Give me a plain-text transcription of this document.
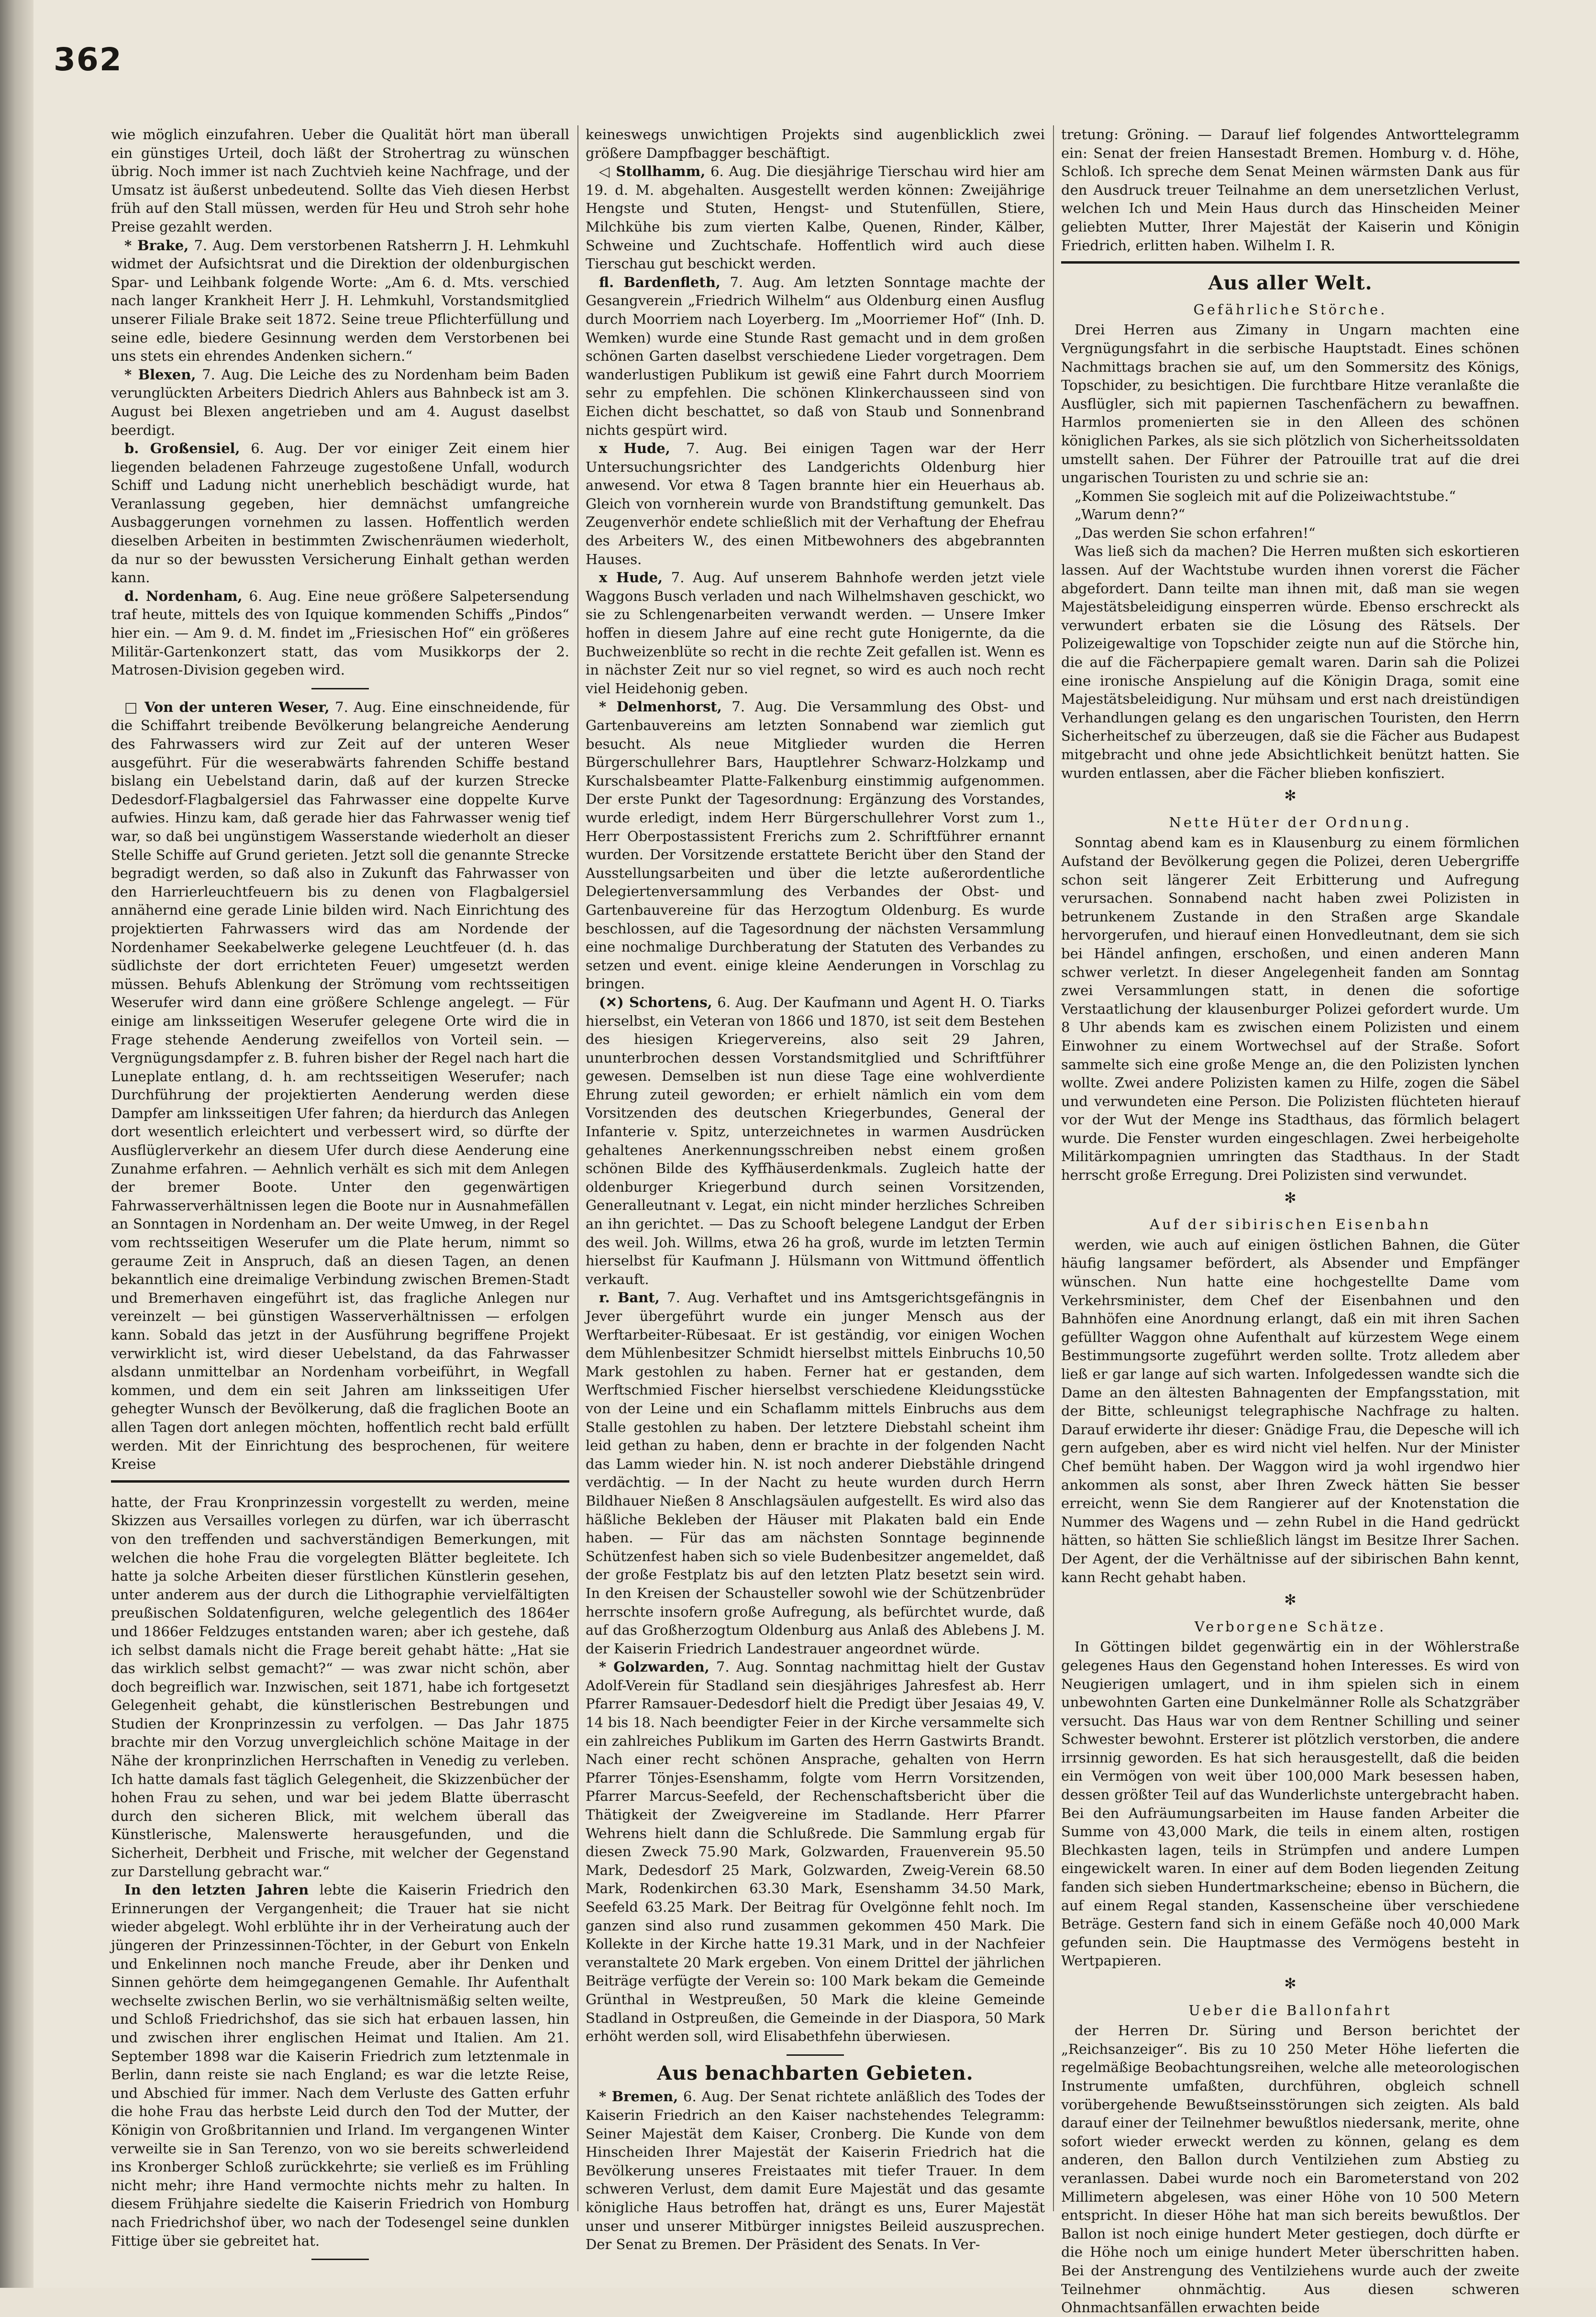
362

wie möglich einzufahren. Ueber die Qualität hört man überall ein günstiges Urteil, doch läßt der Strohertrag zu wünschen übrig. Noch immer ist nach Zuchtvieh keine Nachfrage, und der Umsatz ist äußerst unbedeutend. Sollte das Vieh diesen Herbst früh auf den Stall müssen, werden für Heu und Stroh sehr hohe Preise gezahlt werden.

* Brake, 7. Aug. Dem verstorbenen Ratsherrn J. H. Lehmkuhl widmet der Aufsichtsrat und die Direktion der oldenburgischen Spar- und Leihbank folgende Worte: „Am 6. d. Mts. verschied nach langer Krankheit Herr J. H. Lehmkuhl, Vorstandsmitglied unserer Filiale Brake seit 1872. Seine treue Pflichterfüllung und seine edle, biedere Gesinnung werden dem Verstorbenen bei uns stets ein ehrendes Andenken sichern.“

* Blexen, 7. Aug. Die Leiche des zu Nordenham beim Baden verunglückten Arbeiters Diedrich Ahlers aus Bahnbeck ist am 3. August bei Blexen angetrieben und am 4. August daselbst beerdigt.

b. Großensiel, 6. Aug. Der vor einiger Zeit einem hier liegenden beladenen Fahrzeuge zugestoßene Unfall, wodurch Schiff und Ladung nicht unerheblich beschädigt wurde, hat Veranlassung gegeben, hier demnächst umfangreiche Ausbaggerungen vornehmen zu lassen. Hoffentlich werden dieselben Arbeiten in bestimmten Zwischenräumen wiederholt, da nur so der bewussten Versicherung Einhalt gethan werden kann.

d. Nordenham, 6. Aug. Eine neue größere Salpetersendung traf heute, mittels des von Iquique kommenden Schiffs „Pindos“ hier ein. — Am 9. d. M. findet im „Friesischen Hof“ ein größeres Militär-Gartenkonzert statt, das vom Musikkorps der 2. Matrosen-Division gegeben wird.

□ Von der unteren Weser, 7. Aug. Eine einschneidende, für die Schiffahrt treibende Bevölkerung belangreiche Aenderung des Fahrwassers wird zur Zeit auf der unteren Weser ausgeführt. Für die weserabwärts fahrenden Schiffe bestand bislang ein Uebelstand darin, daß auf der kurzen Strecke Dedesdorf-Flagbalgersiel das Fahrwasser eine doppelte Kurve aufwies. Hinzu kam, daß gerade hier das Fahrwasser wenig tief war, so daß bei ungünstigem Wasserstande wiederholt an dieser Stelle Schiffe auf Grund gerieten. Jetzt soll die genannte Strecke begradigt werden, so daß also in Zukunft das Fahrwasser von den Harrierleuchtfeuern bis zu denen von Flagbalgersiel annähernd eine gerade Linie bilden wird. Nach Einrichtung des projektierten Fahrwassers wird das am Nordende der Nordenhamer Seekabelwerke gelegene Leuchtfeuer (d. h. das südlichste der dort errichteten Feuer) umgesetzt werden müssen. Behufs Ablenkung der Strömung vom rechtsseitigen Weserufer wird dann eine größere Schlenge angelegt. — Für einige am linksseitigen Weserufer gelegene Orte wird die in Frage stehende Aenderung zweifellos von Vorteil sein. — Vergnügungsdampfer z. B. fuhren bisher der Regel nach hart die Luneplate entlang, d. h. am rechtsseitigen Weserufer; nach Durchführung der projektierten Aenderung werden diese Dampfer am linksseitigen Ufer fahren; da hierdurch das Anlegen dort wesentlich erleichtert und verbessert wird, so dürfte der Ausflüglerverkehr an diesem Ufer durch diese Aenderung eine Zunahme erfahren. — Aehnlich verhält es sich mit dem Anlegen der bremer Boote. Unter den gegenwärtigen Fahrwasserverhältnissen legen die Boote nur in Ausnahmefällen an Sonntagen in Nordenham an. Der weite Umweg, in der Regel vom rechtsseitigen Weserufer um die Plate herum, nimmt so geraume Zeit in Anspruch, daß an diesen Tagen, an denen bekanntlich eine dreimalige Verbindung zwischen Bremen-Stadt und Bremerhaven eingeführt ist, das fragliche Anlegen nur vereinzelt — bei günstigen Wasserverhältnissen — erfolgen kann. Sobald das jetzt in der Ausführung begriffene Projekt verwirklicht ist, wird dieser Uebelstand, da das Fahrwasser alsdann unmittelbar an Nordenham vorbeiführt, in Wegfall kommen, und dem ein seit Jahren am linksseitigen Ufer gehegter Wunsch der Bevölkerung, daß die fraglichen Boote an allen Tagen dort anlegen möchten, hoffentlich recht bald erfüllt werden. Mit der Einrichtung des besprochenen, für weitere Kreise

hatte, der Frau Kronprinzessin vorgestellt zu werden, meine Skizzen aus Versailles vorlegen zu dürfen, war ich überrascht von den treffenden und sachverständigen Bemerkungen, mit welchen die hohe Frau die vorgelegten Blätter begleitete. Ich hatte ja solche Arbeiten dieser fürstlichen Künstlerin gesehen, unter anderem aus der durch die Lithographie vervielfältigten preußischen Soldatenfiguren, welche gelegentlich des 1864er und 1866er Feldzuges entstanden waren; aber ich gestehe, daß ich selbst damals nicht die Frage bereit gehabt hätte: „Hat sie das wirklich selbst gemacht?“ — was zwar nicht schön, aber doch begreiflich war. Inzwischen, seit 1871, habe ich fortgesetzt Gelegenheit gehabt, die künstlerischen Bestrebungen und Studien der Kronprinzessin zu verfolgen. — Das Jahr 1875 brachte mir den Vorzug unvergleichlich schöne Maitage in der Nähe der kronprinzlichen Herrschaften in Venedig zu verleben. Ich hatte damals fast täglich Gelegenheit, die Skizzenbücher der hohen Frau zu sehen, und war bei jedem Blatte überrascht durch den sicheren Blick, mit welchem überall das Künstlerische, Malenswerte herausgefunden, und die Sicherheit, Derbheit und Frische, mit welcher der Gegenstand zur Darstellung gebracht war.“

In den letzten Jahren lebte die Kaiserin Friedrich den Erinnerungen der Vergangenheit; die Trauer hat sie nicht wieder abgelegt. Wohl erblühte ihr in der Verheiratung auch der jüngeren der Prinzessinnen-Töchter, in der Geburt von Enkeln und Enkelinnen noch manche Freude, aber ihr Denken und Sinnen gehörte dem heimgegangenen Gemahle. Ihr Aufenthalt wechselte zwischen Berlin, wo sie verhältnismäßig selten weilte, und Schloß Friedrichshof, das sie sich hat erbauen lassen, hin und zwischen ihrer englischen Heimat und Italien. Am 21. September 1898 war die Kaiserin Friedrich zum letztenmale in Berlin, dann reiste sie nach England; es war die letzte Reise, und Abschied für immer. Nach dem Verluste des Gatten erfuhr die hohe Frau das herbste Leid durch den Tod der Mutter, der Königin von Großbritannien und Irland. Im vergangenen Winter verweilte sie in San Terenzo, von wo sie bereits schwerleidend ins Kronberger Schloß zurückkehrte; sie verließ es im Frühling nicht mehr; ihre Hand vermochte nichts mehr zu halten. In diesem Frühjahre siedelte die Kaiserin Friedrich von Homburg nach Friedrichshof über, wo nach der Todesengel seine dunklen Fittige über sie gebreitet hat.

keineswegs unwichtigen Projekts sind augenblicklich zwei größere Dampfbagger beschäftigt.

◁ Stollhamm, 6. Aug. Die diesjährige Tierschau wird hier am 19. d. M. abgehalten. Ausgestellt werden können: Zweijährige Hengste und Stuten, Hengst- und Stutenfüllen, Stiere, Milchkühe bis zum vierten Kalbe, Quenen, Rinder, Kälber, Schweine und Zuchtschafe. Hoffentlich wird auch diese Tierschau gut beschickt werden.

fl. Bardenfleth, 7. Aug. Am letzten Sonntage machte der Gesangverein „Friedrich Wilhelm“ aus Oldenburg einen Ausflug durch Moorriem nach Loyerberg. Im „Moorriemer Hof“ (Inh. D. Wemken) wurde eine Stunde Rast gemacht und in dem großen schönen Garten daselbst verschiedene Lieder vorgetragen. Dem wanderlustigen Publikum ist gewiß eine Fahrt durch Moorriem sehr zu empfehlen. Die schönen Klinkerchausseen sind von Eichen dicht beschattet, so daß von Staub und Sonnenbrand nichts gespürt wird.

x Hude, 7. Aug. Bei einigen Tagen war der Herr Untersuchungsrichter des Landgerichts Oldenburg hier anwesend. Vor etwa 8 Tagen brannte hier ein Heuerhaus ab. Gleich von vornherein wurde von Brandstiftung gemunkelt. Das Zeugenverhör endete schließlich mit der Verhaftung der Ehefrau des Arbeiters W., des einen Mitbewohners des abgebrannten Hauses.

x Hude, 7. Aug. Auf unserem Bahnhofe werden jetzt viele Waggons Busch verladen und nach Wilhelmshaven geschickt, wo sie zu Schlengenarbeiten verwandt werden. — Unsere Imker hoffen in diesem Jahre auf eine recht gute Honigernte, da die Buchweizenblüte so recht in die rechte Zeit gefallen ist. Wenn es in nächster Zeit nur so viel regnet, so wird es auch noch recht viel Heidehonig geben.

* Delmenhorst, 7. Aug. Die Versammlung des Obst- und Gartenbauvereins am letzten Sonnabend war ziemlich gut besucht. Als neue Mitglieder wurden die Herren Bürgerschullehrer Bars, Hauptlehrer Schwarz-Holzkamp und Kurschalsbeamter Platte-Falkenburg einstimmig aufgenommen. Der erste Punkt der Tagesordnung: Ergänzung des Vorstandes, wurde erledigt, indem Herr Bürgerschullehrer Vorst zum 1., Herr Oberpostassistent Frerichs zum 2. Schriftführer ernannt wurden. Der Vorsitzende erstattete Bericht über den Stand der Ausstellungsarbeiten und über die letzte außerordentliche Delegiertenversammlung des Verbandes der Obst- und Gartenbauvereine für das Herzogtum Oldenburg. Es wurde beschlossen, auf die Tagesordnung der nächsten Versammlung eine nochmalige Durchberatung der Statuten des Verbandes zu setzen und event. einige kleine Aenderungen in Vorschlag zu bringen.

(✕) Schortens, 6. Aug. Der Kaufmann und Agent H. O. Tiarks hierselbst, ein Veteran von 1866 und 1870, ist seit dem Bestehen des hiesigen Kriegervereins, also seit 29 Jahren, ununterbrochen dessen Vorstandsmitglied und Schriftführer gewesen. Demselben ist nun diese Tage eine wohlverdiente Ehrung zuteil geworden; er erhielt nämlich ein vom dem Vorsitzenden des deutschen Kriegerbundes, General der Infanterie v. Spitz, unterzeichnetes in warmen Ausdrücken gehaltenes Anerkennungsschreiben nebst einem großen schönen Bilde des Kyffhäuserdenkmals. Zugleich hatte der oldenburger Kriegerbund durch seinen Vorsitzenden, Generalleutnant v. Legat, ein nicht minder herzliches Schreiben an ihn gerichtet. — Das zu Schooft belegene Landgut der Erben des weil. Joh. Willms, etwa 26 ha groß, wurde im letzten Termin hierselbst für Kaufmann J. Hülsmann von Wittmund öffentlich verkauft.

r. Bant, 7. Aug. Verhaftet und ins Amtsgerichtsgefängnis in Jever übergeführt wurde ein junger Mensch aus der Werftarbeiter-Rübesaat. Er ist geständig, vor einigen Wochen dem Mühlenbesitzer Schmidt hierselbst mittels Einbruchs 10,50 Mark gestohlen zu haben. Ferner hat er gestanden, dem Werftschmied Fischer hierselbst verschiedene Kleidungsstücke von der Leine und ein Schaflamm mittels Einbruchs aus dem Stalle gestohlen zu haben. Der letztere Diebstahl scheint ihm leid gethan zu haben, denn er brachte in der folgenden Nacht das Lamm wieder hin. N. ist noch anderer Diebstähle dringend verdächtig. — In der Nacht zu heute wurden durch Herrn Bildhauer Nießen 8 Anschlagsäulen aufgestellt. Es wird also das häßliche Bekleben der Häuser mit Plakaten bald ein Ende haben. — Für das am nächsten Sonntage beginnende Schützenfest haben sich so viele Budenbesitzer angemeldet, daß der große Festplatz bis auf den letzten Platz besetzt sein wird. In den Kreisen der Schausteller sowohl wie der Schützenbrüder herrschte insofern große Aufregung, als befürchtet wurde, daß auf das Großherzogtum Oldenburg aus Anlaß des Ablebens J. M. der Kaiserin Friedrich Landestrauer angeordnet würde.

* Golzwarden, 7. Aug. Sonntag nachmittag hielt der Gustav Adolf-Verein für Stadland sein diesjähriges Jahresfest ab. Herr Pfarrer Ramsauer-Dedesdorf hielt die Predigt über Jesaias 49, V. 14 bis 18. Nach beendigter Feier in der Kirche versammelte sich ein zahlreiches Publikum im Garten des Herrn Gastwirts Brandt. Nach einer recht schönen Ansprache, gehalten von Herrn Pfarrer Tönjes-Esenshamm, folgte vom Herrn Vorsitzenden, Pfarrer Marcus-Seefeld, der Rechenschaftsbericht über die Thätigkeit der Zweigvereine im Stadlande. Herr Pfarrer Wehrens hielt dann die Schlußrede. Die Sammlung ergab für diesen Zweck 75.90 Mark, Golzwarden, Frauenverein 95.50 Mark, Dedesdorf 25 Mark, Golzwarden, Zweig-Verein 68.50 Mark, Rodenkirchen 63.30 Mark, Esenshamm 34.50 Mark, Seefeld 63.25 Mark. Der Beitrag für Ovelgönne fehlt noch. Im ganzen sind also rund zusammen gekommen 450 Mark. Die Kollekte in der Kirche hatte 19.31 Mark, und in der Nachfeier veranstaltete 20 Mark ergeben. Von einem Drittel der jährlichen Beiträge verfügte der Verein so: 100 Mark bekam die Gemeinde Grünthal in Westpreußen, 50 Mark die kleine Gemeinde Stadland in Ostpreußen, die Gemeinde in der Diaspora, 50 Mark erhöht werden soll, wird Elisabethfehn überwiesen.

Aus benachbarten Gebieten.

* Bremen, 6. Aug. Der Senat richtete anläßlich des Todes der Kaiserin Friedrich an den Kaiser nachstehendes Telegramm: Seiner Majestät dem Kaiser, Cronberg. Die Kunde von dem Hinscheiden Ihrer Majestät der Kaiserin Friedrich hat die Bevölkerung unseres Freistaates mit tiefer Trauer. In dem schweren Verlust, dem damit Eure Majestät und das gesamte königliche Haus betroffen hat, drängt es uns, Eurer Majestät unser und unserer Mitbürger innigstes Beileid auszusprechen. Der Senat zu Bremen. Der Präsident des Senats. In Ver-

tretung: Gröning. — Darauf lief folgendes Antworttelegramm ein: Senat der freien Hansestadt Bremen. Homburg v. d. Höhe, Schloß. Ich spreche dem Senat Meinen wärmsten Dank aus für den Ausdruck treuer Teilnahme an dem unersetzlichen Verlust, welchen Ich und Mein Haus durch das Hinscheiden Meiner geliebten Mutter, Ihrer Majestät der Kaiserin und Königin Friedrich, erlitten haben. Wilhelm I. R.

Aus aller Welt.
Gefährliche Störche.

Drei Herren aus Zimany in Ungarn machten eine Vergnügungsfahrt in die serbische Hauptstadt. Eines schönen Nachmittags brachen sie auf, um den Sommersitz des Königs, Topschider, zu besichtigen. Die furchtbare Hitze veranlaßte die Ausflügler, sich mit papiernen Taschenfächern zu bewaffnen. Harmlos promenierten sie in den Alleen des schönen königlichen Parkes, als sie sich plötzlich von Sicherheitssoldaten umstellt sahen. Der Führer der Patrouille trat auf die drei ungarischen Touristen zu und schrie sie an:

„Kommen Sie sogleich mit auf die Polizeiwachtstube.“

„Warum denn?“

„Das werden Sie schon erfahren!“

Was ließ sich da machen? Die Herren mußten sich eskortieren lassen. Auf der Wachtstube wurden ihnen vorerst die Fächer abgefordert. Dann teilte man ihnen mit, daß man sie wegen Majestätsbeleidigung einsperren würde. Ebenso erschreckt als verwundert erbaten sie die Lösung des Rätsels. Der Polizeigewaltige von Topschider zeigte nun auf die Störche hin, die auf die Fächerpapiere gemalt waren. Darin sah die Polizei eine ironische Anspielung auf die Königin Draga, somit eine Majestätsbeleidigung. Nur mühsam und erst nach dreistündigen Verhandlungen gelang es den ungarischen Touristen, den Herrn Sicherheitschef zu überzeugen, daß sie die Fächer aus Budapest mitgebracht und ohne jede Absichtlichkeit benützt hatten. Sie wurden entlassen, aber die Fächer blieben konfisziert.

✻
Nette Hüter der Ordnung.

Sonntag abend kam es in Klausenburg zu einem förmlichen Aufstand der Bevölkerung gegen die Polizei, deren Uebergriffe schon seit längerer Zeit Erbitterung und Aufregung verursachen. Sonnabend nacht haben zwei Polizisten in betrunkenem Zustande in den Straßen arge Skandale hervorgerufen, und hierauf einen Honvedleutnant, dem sie sich bei Händel anfingen, erschoßen, und einen anderen Mann schwer verletzt. In dieser Angelegenheit fanden am Sonntag zwei Versammlungen statt, in denen die sofortige Verstaatlichung der klausenburger Polizei gefordert wurde. Um 8 Uhr abends kam es zwischen einem Polizisten und einem Einwohner zu einem Wortwechsel auf der Straße. Sofort sammelte sich eine große Menge an, die den Polizisten lynchen wollte. Zwei andere Polizisten kamen zu Hilfe, zogen die Säbel und verwundeten eine Person. Die Polizisten flüchteten hierauf vor der Wut der Menge ins Stadthaus, das förmlich belagert wurde. Die Fenster wurden eingeschlagen. Zwei herbeigeholte Militärkompagnien umringten das Stadthaus. In der Stadt herrscht große Erregung. Drei Polizisten sind verwundet.

✻
Auf der sibirischen Eisenbahn

werden, wie auch auf einigen östlichen Bahnen, die Güter häufig langsamer befördert, als Absender und Empfänger wünschen. Nun hatte eine hochgestellte Dame vom Verkehrsminister, dem Chef der Eisenbahnen und den Bahnhöfen eine Anordnung erlangt, daß ein mit ihren Sachen gefüllter Waggon ohne Aufenthalt auf kürzestem Wege einem Bestimmungsorte zugeführt werden sollte. Trotz alledem aber ließ er gar lange auf sich warten. Infolgedessen wandte sich die Dame an den ältesten Bahnagenten der Empfangsstation, mit der Bitte, schleunigst telegraphische Nachfrage zu halten. Darauf erwiderte ihr dieser: Gnädige Frau, die Depesche will ich gern aufgeben, aber es wird nicht viel helfen. Nur der Minister Chef bemüht haben. Der Waggon wird ja wohl irgendwo hier ankommen als sonst, aber Ihren Zweck hätten Sie besser erreicht, wenn Sie dem Rangierer auf der Knotenstation die Nummer des Wagens und — zehn Rubel in die Hand gedrückt hätten, so hätten Sie schließlich längst im Besitze Ihrer Sachen. Der Agent, der die Verhältnisse auf der sibirischen Bahn kennt, kann Recht gehabt haben.

✻
Verborgene Schätze.

In Göttingen bildet gegenwärtig ein in der Wöhlerstraße gelegenes Haus den Gegenstand hohen Interesses. Es wird von Neugierigen umlagert, und in ihm spielen sich in einem unbewohnten Garten eine Dunkelmänner Rolle als Schatzgräber versucht. Das Haus war von dem Rentner Schilling und seiner Schwester bewohnt. Ersterer ist plötzlich verstorben, die andere irrsinnig geworden. Es hat sich herausgestellt, daß die beiden ein Vermögen von weit über 100,000 Mark besessen haben, dessen größter Teil auf das Wunderlichste untergebracht haben. Bei den Aufräumungsarbeiten im Hause fanden Arbeiter die Summe von 43,000 Mark, die teils in einem alten, rostigen Blechkasten lagen, teils in Strümpfen und andere Lumpen eingewickelt waren. In einer auf dem Boden liegenden Zeitung fanden sich sieben Hundertmarkscheine; ebenso in Büchern, die auf einem Regal standen, Kassenscheine über verschiedene Beträge. Gestern fand sich in einem Gefäße noch 40,000 Mark gefunden sein. Die Hauptmasse des Vermögens besteht in Wertpapieren.

✻
Ueber die Ballonfahrt

der Herren Dr. Süring und Berson berichtet der „Reichsanzeiger“. Bis zu 10 250 Meter Höhe lieferten die regelmäßige Beobachtungsreihen, welche alle meteorologischen Instrumente umfaßten, durchführen, obgleich schnell vorübergehende Bewußtseinsstörungen sich zeigten. Als bald darauf einer der Teilnehmer bewußtlos niedersank, merite, ohne sofort wieder erweckt werden zu können, gelang es dem anderen, den Ballon durch Ventilziehen zum Abstieg zu veranlassen. Dabei wurde noch ein Barometerstand von 202 Millimetern abgelesen, was einer Höhe von 10 500 Metern entspricht. In dieser Höhe hat man sich bereits bewußtlos. Der Ballon ist noch einige hundert Meter gestiegen, doch dürfte er die Höhe noch um einige hundert Meter überschritten haben. Bei der Anstrengung des Ventilziehens wurde auch der zweite Teilnehmer ohnmächtig. Aus diesen schweren Ohnmachtsanfällen erwachten beide
